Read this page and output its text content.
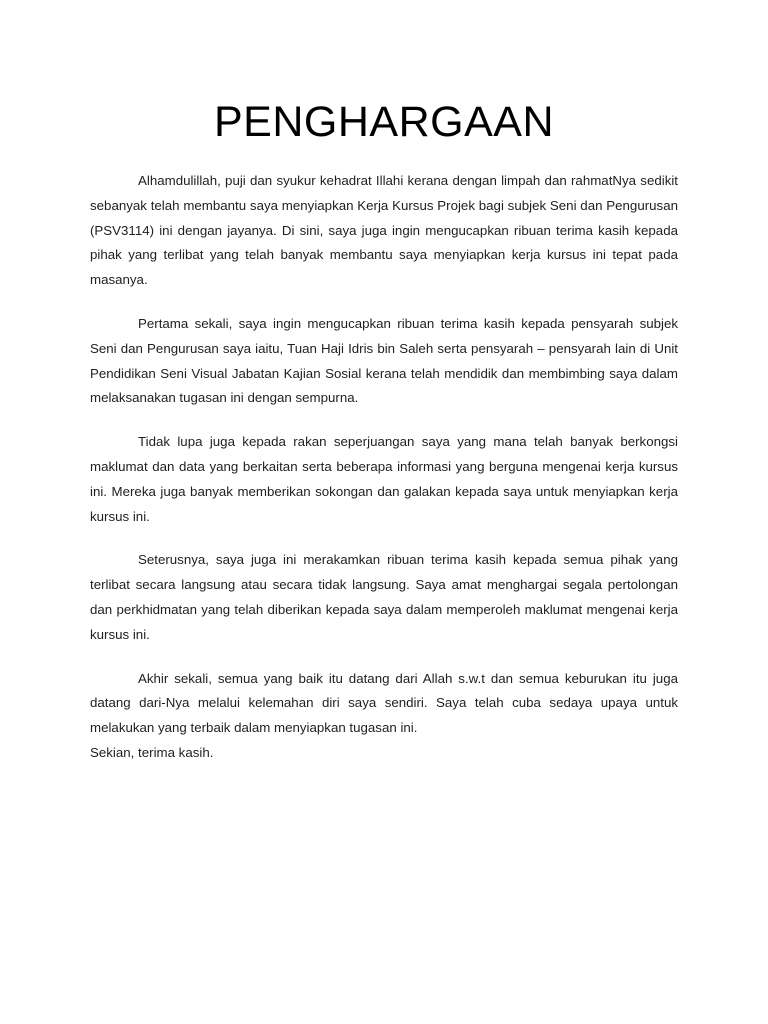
PENGHARGAAN

Alhamdulillah, puji dan syukur kehadrat Illahi kerana dengan limpah dan rahmatNya sedikit sebanyak telah membantu saya menyiapkan Kerja Kursus Projek bagi subjek Seni dan Pengurusan (PSV3114) ini dengan jayanya. Di sini, saya juga ingin mengucapkan ribuan terima kasih kepada pihak yang terlibat yang telah banyak membantu saya menyiapkan kerja kursus ini tepat pada masanya.

Pertama sekali, saya ingin mengucapkan ribuan terima kasih kepada pensyarah subjek Seni dan Pengurusan saya iaitu, Tuan Haji Idris bin Saleh serta pensyarah – pensyarah lain di Unit Pendidikan Seni Visual Jabatan Kajian Sosial kerana telah mendidik dan membimbing saya dalam melaksanakan tugasan ini dengan sempurna.

Tidak lupa juga kepada rakan seperjuangan saya yang mana telah banyak berkongsi maklumat dan data yang berkaitan serta beberapa informasi yang berguna mengenai kerja kursus ini. Mereka juga banyak memberikan sokongan dan galakan kepada saya untuk menyiapkan kerja kursus ini.

Seterusnya, saya juga ini merakamkan ribuan terima kasih kepada semua pihak yang terlibat secara langsung atau secara tidak langsung. Saya amat menghargai segala pertolongan dan perkhidmatan yang telah diberikan kepada saya dalam memperoleh maklumat mengenai kerja kursus ini.

Akhir sekali, semua yang baik itu datang dari Allah s.w.t dan semua keburukan itu juga datang dari-Nya melalui kelemahan diri saya sendiri. Saya telah cuba sedaya upaya untuk melakukan yang terbaik dalam menyiapkan tugasan ini.

Sekian, terima kasih.
